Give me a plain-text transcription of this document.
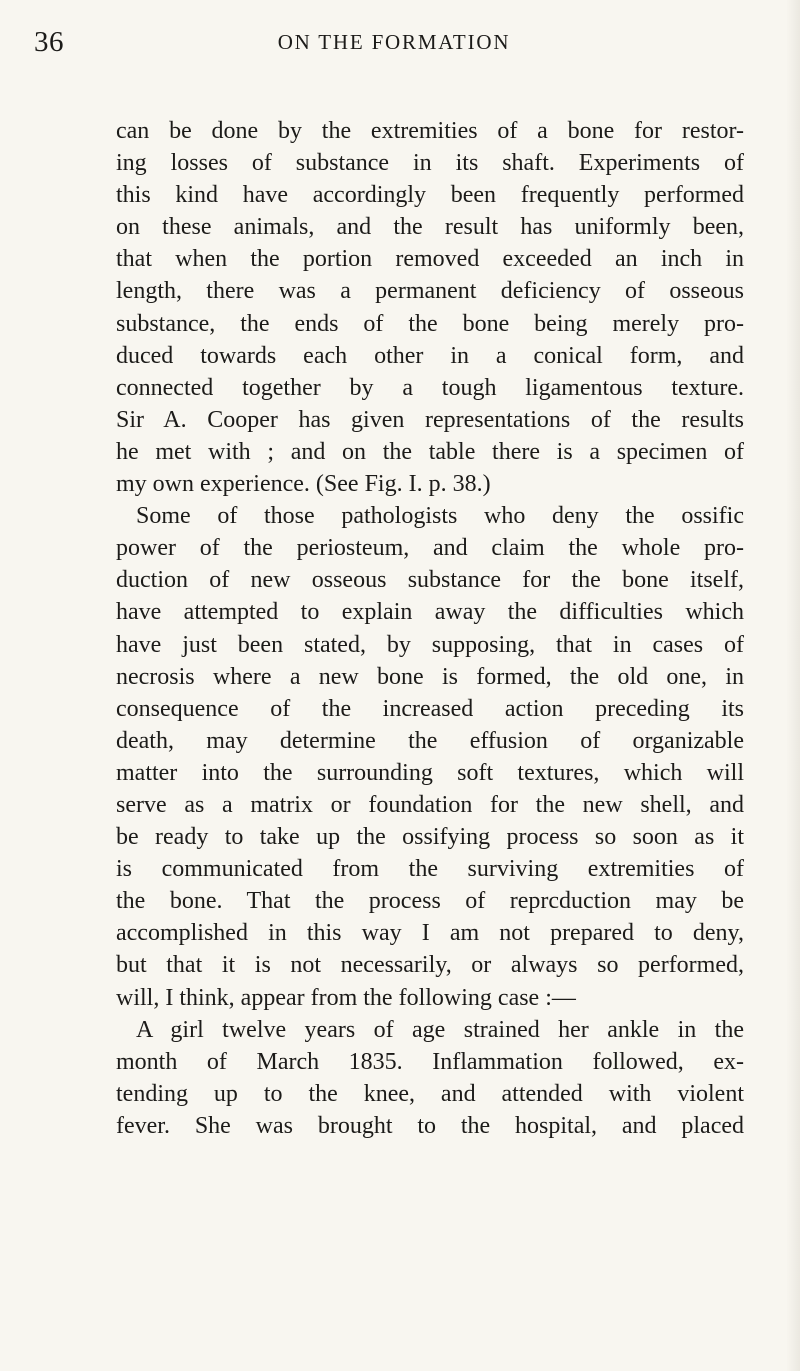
36	ON THE FORMATION
can be done by the extremities of a bone for restor-
ing losses of substance in its shaft. Experiments of
this kind have accordingly been frequently performed
on these animals, and the result has uniformly been,
that when the portion removed exceeded an inch in
length, there was a permanent deficiency of osseous
substance, the ends of the bone being merely pro-
duced towards each other in a conical form, and
connected together by a tough ligamentous texture.
Sir A. Cooper has given representations of the results
he met with ; and on the table there is a specimen of
my own experience. (See Fig. I. p. 38.)
Some of those pathologists who deny the ossific
power of the periosteum, and claim the whole pro-
duction of new osseous substance for the bone itself,
have attempted to explain away the difficulties which
have just been stated, by supposing, that in cases of
necrosis where a new bone is formed, the old one, in
consequence of the increased action preceding its
death, may determine the effusion of organizable
matter into the surrounding soft textures, which will
serve as a matrix or foundation for the new shell, and
be ready to take up the ossifying process so soon as it
is communicated from the surviving extremities of
the bone. That the process of reprcduction may be
accomplished in this way I am not prepared to deny,
but that it is not necessarily, or always so performed,
will, I think, appear from the following case :—
A girl twelve years of age strained her ankle in the
month of March 1835. Inflammation followed, ex-
tending up to the knee, and attended with violent
fever. She was brought to the hospital, and placed
